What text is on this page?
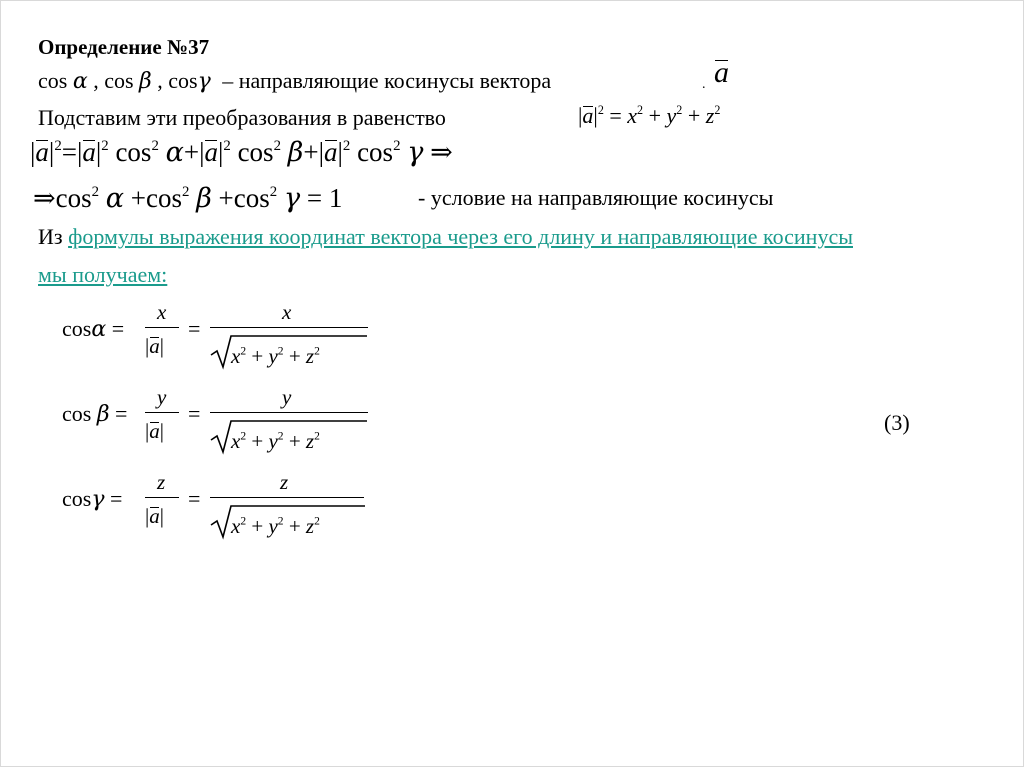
Определение №37
cos α , cos β , cosγ – направляющие косинусы вектора	. a
Подставим эти преобразования в равенство	$|a|^2 = x^2 + y^2 + z^2$
$|a|^2=|a|^2$ $\cos^2 \alpha+|a|^2$ $\cos^2 \beta+|a|^2$ $\cos^2 \gamma$ ⇒
$\Rightarrow\cos^2$ $\alpha +\cos^2$ $\beta +\cos^2$ γ = 1	- условие на направляющие косинусы
Из формулы выражения координат вектора через его длину и направляющие косинусы
мы получаем:
cosα =
x
|a|
=
x
$x^2 + y^2 + z^2$
cos β =
y
|a|
=
y
$x^2 + y^2 + z^2$
(3)
cosγ =
z
|a|
=
z
$x^2 + y^2 + z^2$
